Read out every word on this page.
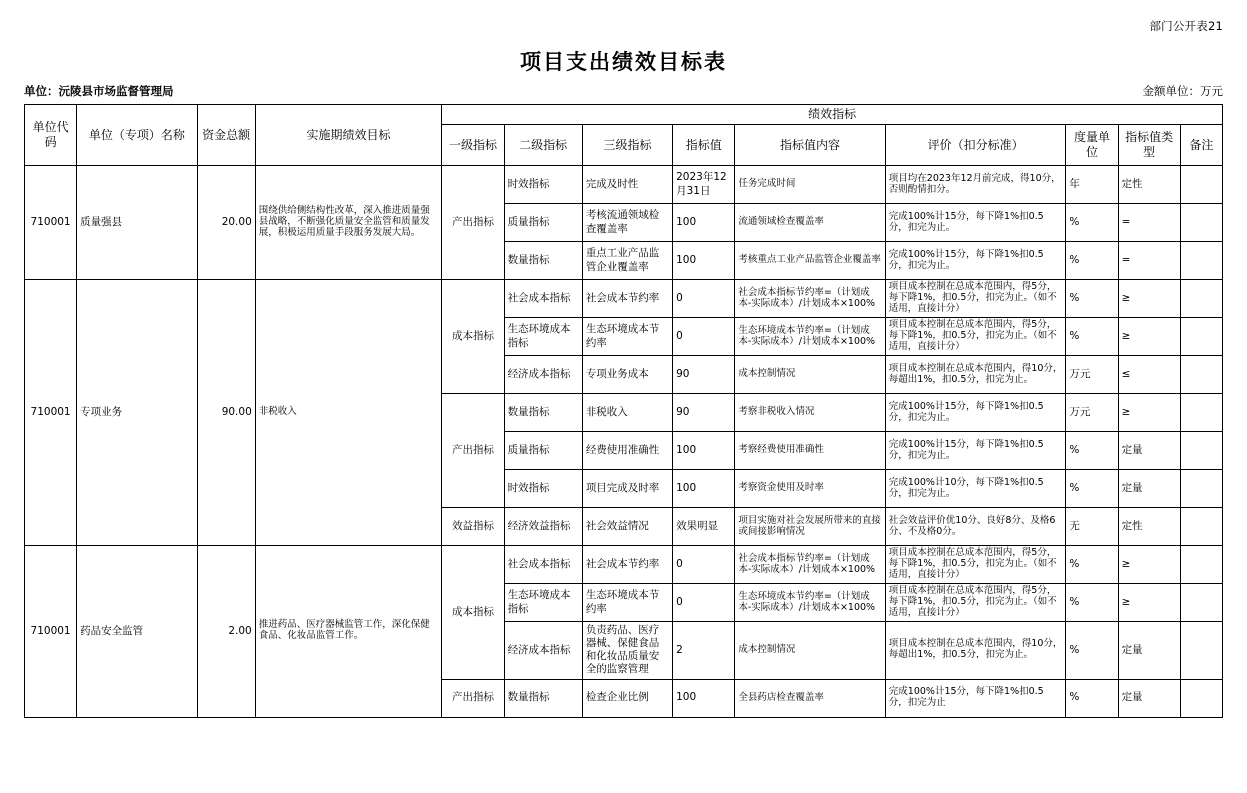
部门公开表21
项目支出绩效目标表
单位：沅陵县市场监督管理局	金额单位：万元
单位代码	单位（专项）名称	资金总额	实施期绩效目标	绩效指标								
				一级指标	二级指标	三级指标	指标值	指标值内容	评价（扣分标准）	度量单位	指标值类型	备注
710001	质量强县	20.00	围绕供给侧结构性改革，深入推进质量强县战略，不断强化质量安全监管和质量发展，积极运用质量手段服务发展大局。	产出指标	时效指标	完成及时性	2023年12月31日	任务完成时间	项目均在2023年12月前完成，得10分，否则酌情扣分。	年	定性	
					质量指标	考核流通领域检查覆盖率	100	流通领域检查覆盖率	完成100%计15分，每下降1%扣0.5分，扣完为止。	%	=	
					数量指标	重点工业产品监管企业覆盖率	100	考核重点工业产品监管企业覆盖率	完成100%计15分，每下降1%扣0.5分，扣完为止。	%	=	
710001	专项业务	90.00	非税收入	成本指标	社会成本指标	社会成本节约率	0	社会成本指标节约率=（计划成本-实际成本）/计划成本×100%	项目成本控制在总成本范围内，得5分，每下降1%，扣0.5分，扣完为止。（如不适用，直接计分）	%	≥	
					生态环境成本指标	生态环境成本节约率	0	生态环境成本节约率=（计划成本-实际成本）/计划成本×100%	项目成本控制在总成本范围内，得5分，每下降1%，扣0.5分，扣完为止。（如不适用，直接计分）	%	≥	
					经济成本指标	专项业务成本	90	成本控制情况	项目成本控制在总成本范围内，得10分，每超出1%，扣0.5分，扣完为止。	万元	≤	
				产出指标	数量指标	非税收入	90	考察非税收入情况	完成100%计15分，每下降1%扣0.5分，扣完为止。	万元	≥	
					质量指标	经费使用准确性	100	考察经费使用准确性	完成100%计15分，每下降1%扣0.5分，扣完为止。	%	定量	
					时效指标	项目完成及时率	100	考察资金使用及时率	完成100%计10分，每下降1%扣0.5分，扣完为止。	%	定量	
				效益指标	经济效益指标	社会效益情况	效果明显	项目实施对社会发展所带来的直接或间接影响情况	社会效益评价优10分、良好8分、及格6分、不及格0分。	无	定性	
710001	药品安全监管	2.00	推进药品、医疗器械监管工作，深化保健食品、化妆品监管工作。	成本指标	社会成本指标	社会成本节约率	0	社会成本指标节约率=（计划成本-实际成本）/计划成本×100%	项目成本控制在总成本范围内，得5分，每下降1%，扣0.5分，扣完为止。（如不适用，直接计分）	%	≥	
					生态环境成本指标	生态环境成本节约率	0	生态环境成本节约率=（计划成本-实际成本）/计划成本×100%	项目成本控制在总成本范围内，得5分，每下降1%，扣0.5分，扣完为止。（如不适用，直接计分）	%	≥	
					经济成本指标	负责药品、医疗器械、保健食品和化妆品质量安全的监察管理	2	成本控制情况	项目成本控制在总成本范围内，得10分，每超出1%，扣0.5分，扣完为止。	%	定量	
				产出指标	数量指标	检查企业比例	100	全县药店检查覆盖率	完成100%计15分，每下降1%扣0.5分，扣完为止	%	定量	
